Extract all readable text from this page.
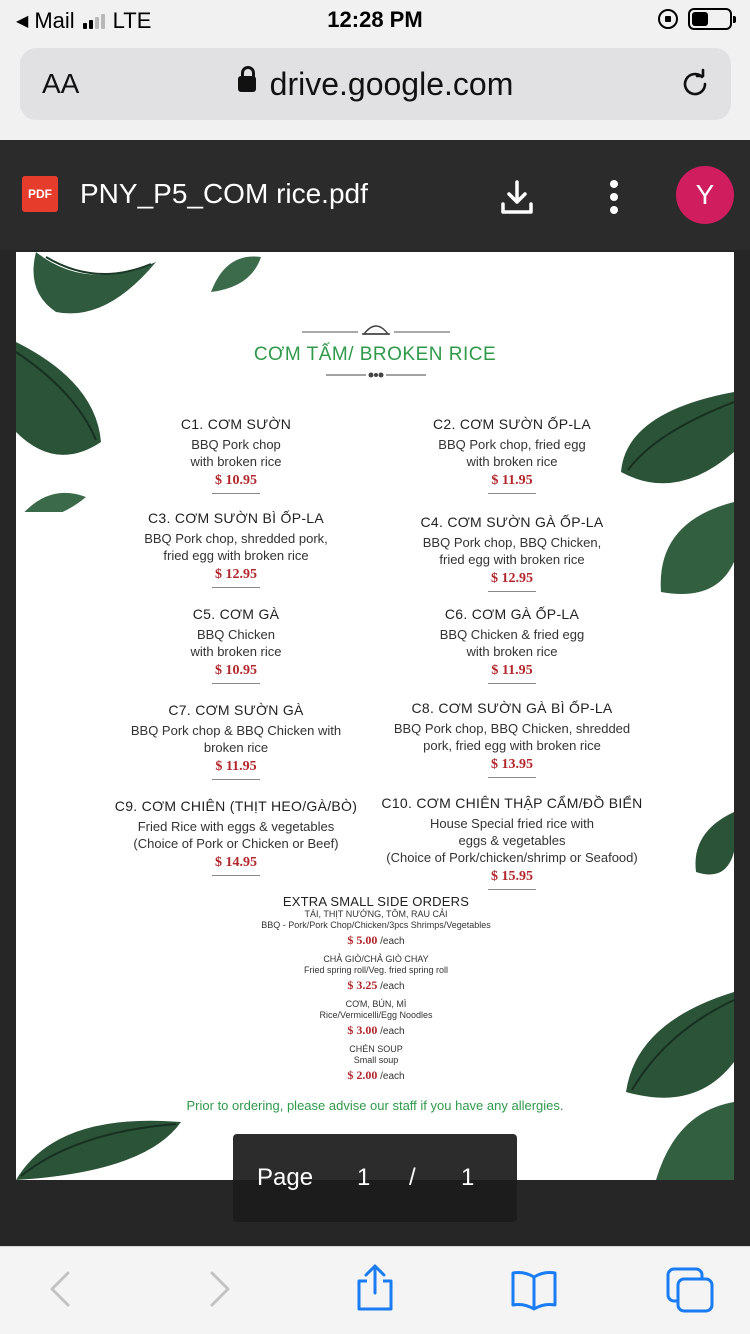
◀ Mail LTE	12:28 PM
AA	drive.google.com
PDF PNY_P5_COM rice.pdf	Y
CƠM TẤM/ BROKEN RICE
C1. CƠM SƯỜN
BBQ Pork chop
with broken rice
$ 10.95
C2. CƠM SƯỜN ỐP-LA
BBQ Pork chop, fried egg
with broken rice
$ 11.95
C3. CƠM SƯỜN BÌ ỐP-LA
BBQ Pork chop, shredded pork,
fried egg with broken rice
$ 12.95
C4. CƠM SƯỜN GÀ ỐP-LA
BBQ Pork chop, BBQ Chicken,
fried egg with broken rice
$ 12.95
C5. CƠM GÀ
BBQ Chicken
with broken rice
$ 10.95
C6. CƠM GÀ ỐP-LA
BBQ Chicken & fried egg
with broken rice
$ 11.95
C7. CƠM SƯỜN GÀ
BBQ Pork chop & BBQ Chicken with
broken rice
$ 11.95
C8. CƠM SƯỜN GÀ BÌ ỐP-LA
BBQ Pork chop, BBQ Chicken, shredded
pork, fried egg with broken rice
$ 13.95
C9. CƠM CHIÊN (THỊT HEO/GÀ/BÒ)
Fried Rice with eggs & vegetables
(Choice of Pork or Chicken or Beef)
$ 14.95
C10. CƠM CHIÊN THẬP CẨM/ĐỒ BIỂN
House Special fried rice with
eggs & vegetables
(Choice of Pork/chicken/shrimp or Seafood)
$ 15.95
EXTRA SMALL SIDE ORDERS
TÁI, THỊT NƯỚNG, TÔM, RAU CẢI
BBQ - Pork/Pork Chop/Chicken/3pcs Shrimps/Vegetables
$ 5.00 /each
CHẢ GIÒ/CHẢ GIÒ CHAY
Fried spring roll/Veg. fried spring roll
$ 3.25 /each
CƠM, BÚN, MÌ
Rice/Vermicelli/Egg Noodles
$ 3.00 /each
CHÉN SOUP
Small soup
$ 2.00 /each
Prior to ordering, please advise our staff if you have any allergies.
Page 1 / 1
